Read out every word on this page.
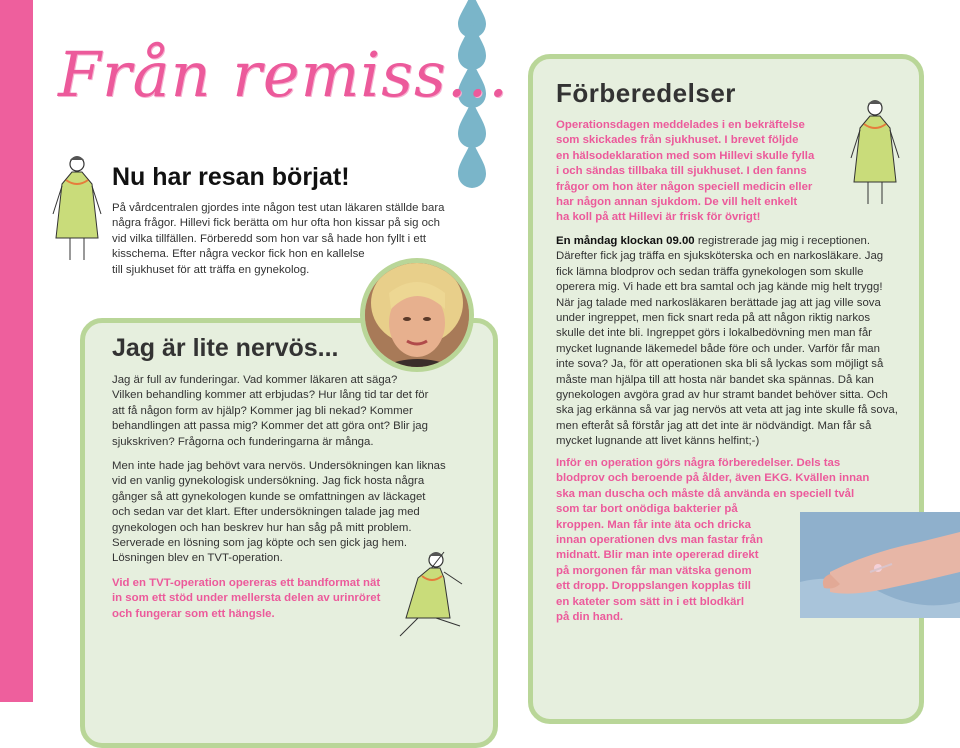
Från remiss...
Nu har resan börjat!
På vårdcentralen gjordes inte någon test utan läkaren ställde bara
några frågor. Hillevi fick berätta om hur ofta hon kissar på sig och
vid vilka tillfällen. Förberedd som hon var så hade hon fyllt i ett
kisschema. Efter några veckor fick hon en kallelse
till sjukhuset för att träffa en gynekolog.
Jag är lite nervös...
Jag är full av funderingar. Vad kommer läkaren att säga?
Vilken behandling kommer att erbjudas? Hur lång tid tar det för
att få någon form av hjälp? Kommer jag bli nekad? Kommer
behandlingen att passa mig? Kommer det att göra ont? Blir jag
sjukskriven? Frågorna och funderingarna är många.
Men inte hade jag behövt vara nervös. Undersökningen kan liknas
vid en vanlig gynekologisk undersökning. Jag fick hosta några
gånger så att gynekologen kunde se omfattningen av läckaget
och sedan var det klart. Efter undersökningen talade jag med
gynekologen och han beskrev hur han såg på mitt problem.
Serverade en lösning som jag köpte och sen gick jag hem.
Lösningen blev en TVT-operation.
Vid en TVT-operation opereras ett bandformat nät
in som ett stöd under mellersta delen av urinröret
och fungerar som ett hängsle.
Förberedelser
Operationsdagen meddelades i en bekräftelse
som skickades från sjukhuset. I brevet följde
en hälsodeklaration med som Hillevi skulle fylla
i och sändas tillbaka till sjukhuset. I den fanns
frågor om hon äter någon speciell medicin eller
har någon annan sjukdom. De vill helt enkelt
ha koll på att Hillevi är frisk för övrigt!
En måndag klockan 09.00 registrerade jag mig i receptionen.
Därefter fick jag träffa en sjuksköterska och en narkosläkare. Jag
fick lämna blodprov och sedan träffa gynekologen som skulle
operera mig. Vi hade ett bra samtal och jag kände mig helt trygg!
När jag talade med narkosläkaren berättade jag att jag ville sova
under ingreppet, men fick snart reda på att någon riktig narkos
skulle det inte bli. Ingreppet görs i lokalbedövning men man får
mycket lugnande läkemedel både före och under. Varför får man
inte sova? Ja, för att operationen ska bli så lyckas som möjligt så
måste man hjälpa till att hosta när bandet ska spännas. Då kan
gynekologen avgöra grad av hur stramt bandet behöver sitta. Och
ska jag erkänna så var jag nervös att veta att jag inte skulle få sova,
men efteråt så förstår jag att det inte är nödvändigt. Man får så
mycket lugnande att livet känns helfint;-)
Inför en operation görs några förberedelser. Dels tas
blodprov och beroende på ålder, även EKG. Kvällen innan
ska man duscha och måste då använda en speciell tvål
som tar bort onödiga bakterier på
kroppen. Man får inte äta och dricka
innan operationen dvs man fastar från
midnatt. Blir man inte opererad direkt
på morgonen får man vätska genom
ett dropp. Droppslangen kopplas till
en kateter som sätt in i ett blodkärl
på din hand.
